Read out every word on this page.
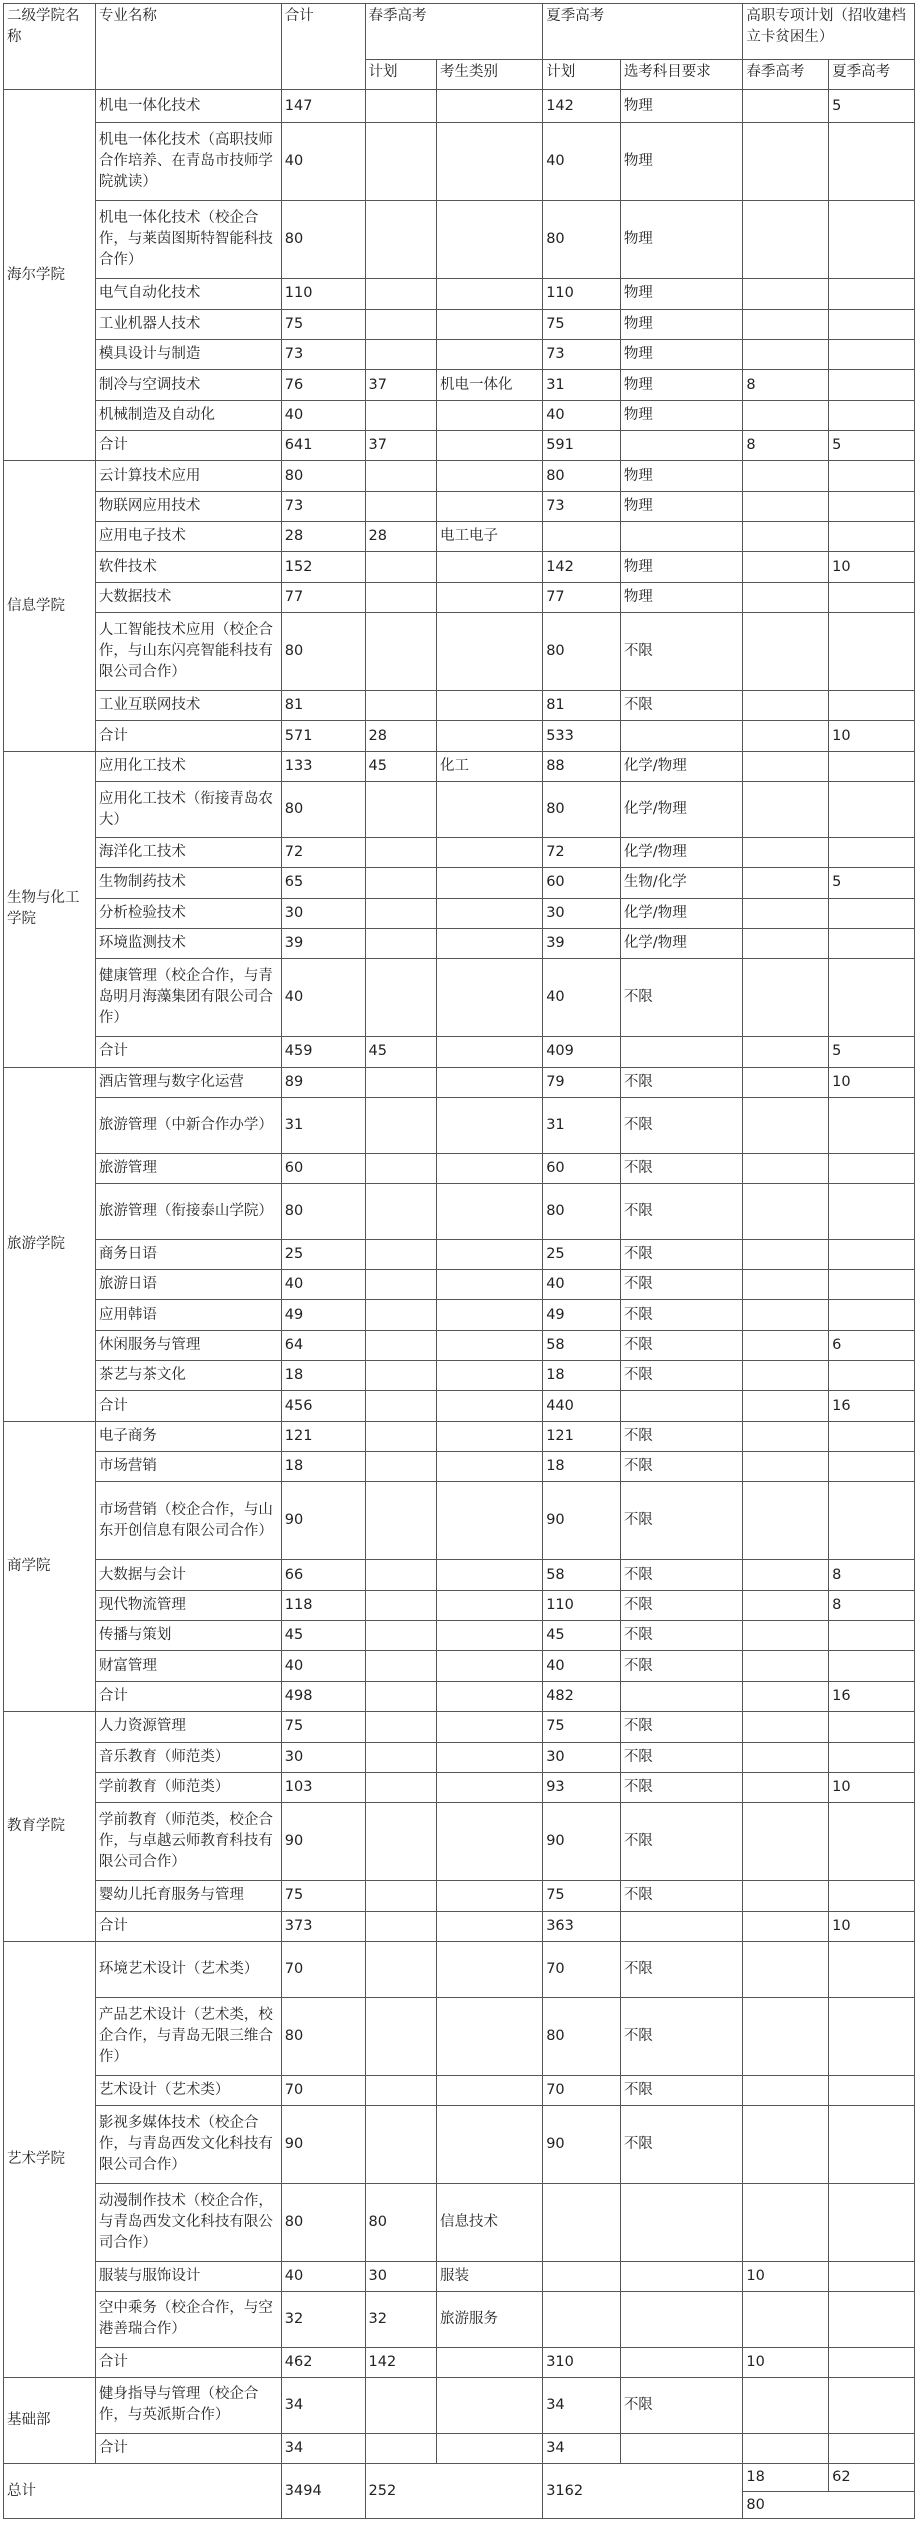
二级学院名称	专业名称	合计	春季高考		夏季高考		高职专项计划（招收建档立卡贫困生）	
			计划	考生类别	计划	选考科目要求	春季高考	夏季高考
海尔学院	机电一体化技术	147			142	物理		5
	机电一体化技术（高职技师合作培养、在青岛市技师学院就读）	40			40	物理		
	机电一体化技术（校企合作，与莱茵图斯特智能科技合作）	80			80	物理		
	电气自动化技术	110			110	物理		
	工业机器人技术	75			75	物理		
	模具设计与制造	73			73	物理		
	制冷与空调技术	76	37	机电一体化	31	物理	8	
	机械制造及自动化	40			40	物理		
	合计	641	37		591		8	5
信息学院	云计算技术应用	80			80	物理		
	物联网应用技术	73			73	物理		
	应用电子技术	28	28	电工电子				
	软件技术	152			142	物理		10
	大数据技术	77			77	物理		
	人工智能技术应用（校企合作，与山东闪亮智能科技有限公司合作）	80			80	不限		
	工业互联网技术	81			81	不限		
	合计	571	28		533			10
生物与化工学院	应用化工技术	133	45	化工	88	化学/物理		
	应用化工技术（衔接青岛农大）	80			80	化学/物理		
	海洋化工技术	72			72	化学/物理		
	生物制药技术	65			60	生物/化学		5
	分析检验技术	30			30	化学/物理		
	环境监测技术	39			39	化学/物理		
	健康管理（校企合作，与青岛明月海藻集团有限公司合作）	40			40	不限		
	合计	459	45		409			5
旅游学院	酒店管理与数字化运营	89			79	不限		10
	旅游管理（中新合作办学）	31			31	不限		
	旅游管理	60			60	不限		
	旅游管理（衔接泰山学院）	80			80	不限		
	商务日语	25			25	不限		
	旅游日语	40			40	不限		
	应用韩语	49			49	不限		
	休闲服务与管理	64			58	不限		6
	茶艺与茶文化	18			18	不限		
	合计	456			440			16
商学院	电子商务	121			121	不限		
	市场营销	18			18	不限		
	市场营销（校企合作，与山东开创信息有限公司合作）	90			90	不限		
	大数据与会计	66			58	不限		8
	现代物流管理	118			110	不限		8
	传播与策划	45			45	不限		
	财富管理	40			40	不限		
	合计	498			482			16
教育学院	人力资源管理	75			75	不限		
	音乐教育（师范类）	30			30	不限		
	学前教育（师范类）	103			93	不限		10
	学前教育（师范类，校企合作，与卓越云师教育科技有限公司合作）	90			90	不限		
	婴幼儿托育服务与管理	75			75	不限		
	合计	373			363			10
艺术学院	环境艺术设计（艺术类）	70			70	不限		
	产品艺术设计（艺术类，校企合作，与青岛无限三维合作）	80			80	不限		
	艺术设计（艺术类）	70			70	不限		
	影视多媒体技术（校企合作，与青岛西发文化科技有限公司合作）	90			90	不限		
	动漫制作技术（校企合作，与青岛西发文化科技有限公司合作）	80	80	信息技术				
	服装与服饰设计	40	30	服装			10	
	空中乘务（校企合作，与空港善瑞合作）	32	32	旅游服务				
	合计	462	142		310		10	
基础部	健身指导与管理（校企合作，与英派斯合作）	34			34	不限		
	合计	34			34			
总计		3494	252		3162		18	62
							80	
